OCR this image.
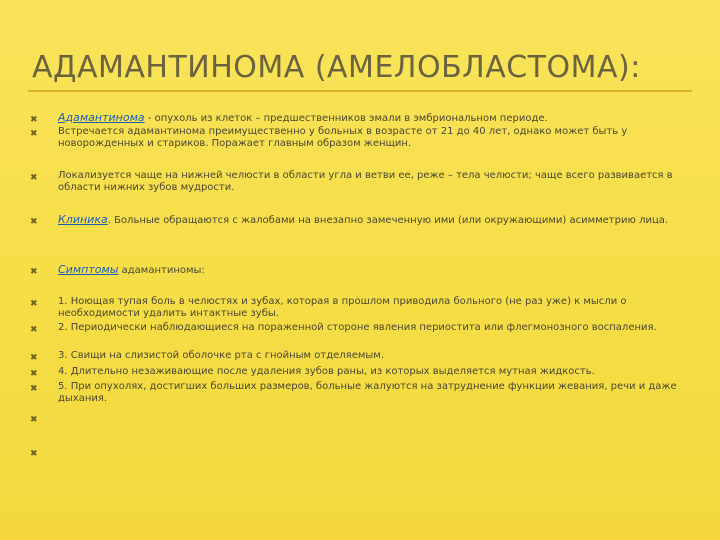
АДАМАНТИНОМА (АМЕЛОБЛАСТОМА):
✖ Адамантинома - опухоль из клеток – предшественников эмали в эмбриональном периоде.
✖ Встречается адамантинома преимущественно у больных в возрасте от 21 до 40 лет, однако может быть у новорожденных и стариков. Поражает главным образом женщин.
✖ Локализуется чаще на нижней челюсти в области угла и ветви ее, реже – тела челюсти; чаще всего развивается в области нижних зубов мудрости.
✖ Клиника. Больные обращаются с жалобами на внезапно замеченную ими (или окружающими) асимметрию лица.
✖ Симптомы адамантиномы:
✖ 1. Ноющая тупая боль в челюстях и зубах, которая в прошлом приводила больного (не раз уже) к мысли о необходимости удалить интактные зубы.
✖ 2. Периодически наблюдающиеся на пораженной стороне явления периостита или флегмонозного воспаления.
✖ 3. Свищи на слизистой оболочке рта с гнойным отделяемым.
✖ 4. Длительно незаживающие после удаления зубов раны, из которых выделяется мутная жидкость.
✖ 5. При опухолях, достигших больших размеров, больные жалуются на затруднение функции жевания, речи и даже дыхания.
✖
✖
